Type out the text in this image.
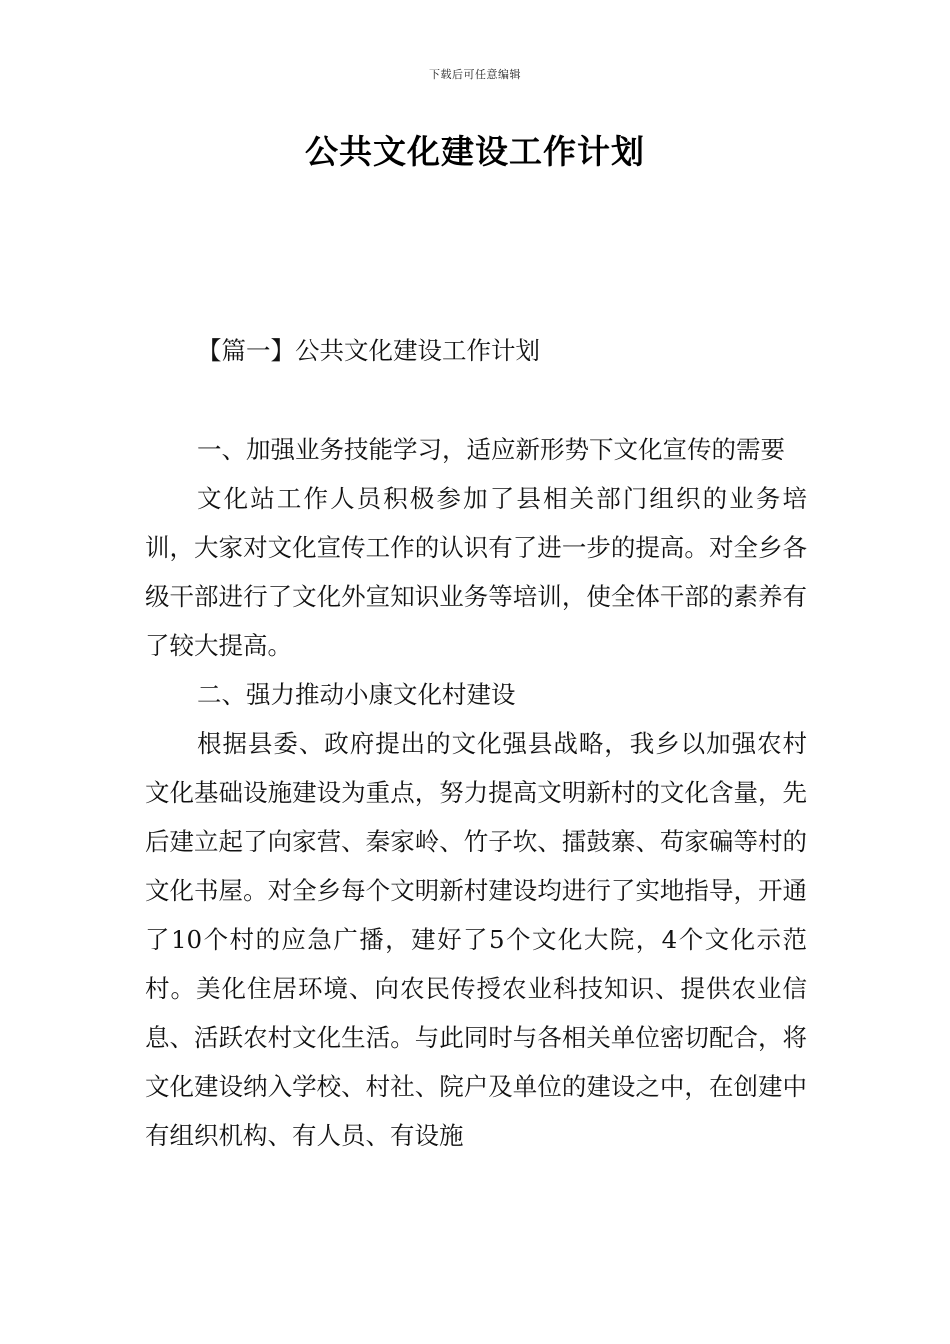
下载后可任意编辑
公共文化建设工作计划
【篇一】公共文化建设工作计划

一、加强业务技能学习，适应新形势下文化宣传的需要

文化站工作人员积极参加了县相关部门组织的业务培训，大家对文化宣传工作的认识有了进一步的提高。对全乡各级干部进行了文化外宣知识业务等培训，使全体干部的素养有了较大提高。

二、强力推动小康文化村建设

根据县委、政府提出的文化强县战略，我乡以加强农村文化基础设施建设为重点，努力提高文明新村的文化含量，先后建立起了向家营、秦家岭、竹子坎、擂鼓寨、苟家碥等村的文化书屋。对全乡每个文明新村建设均进行了实地指导，开通了10个村的应急广播，建好了5个文化大院，4个文化示范村。美化住居环境、向农民传授农业科技知识、提供农业信息、活跃农村文化生活。与此同时与各相关单位密切配合，将文化建设纳入学校、村社、院户及单位的建设之中，在创建中有组织机构、有人员、有设施
